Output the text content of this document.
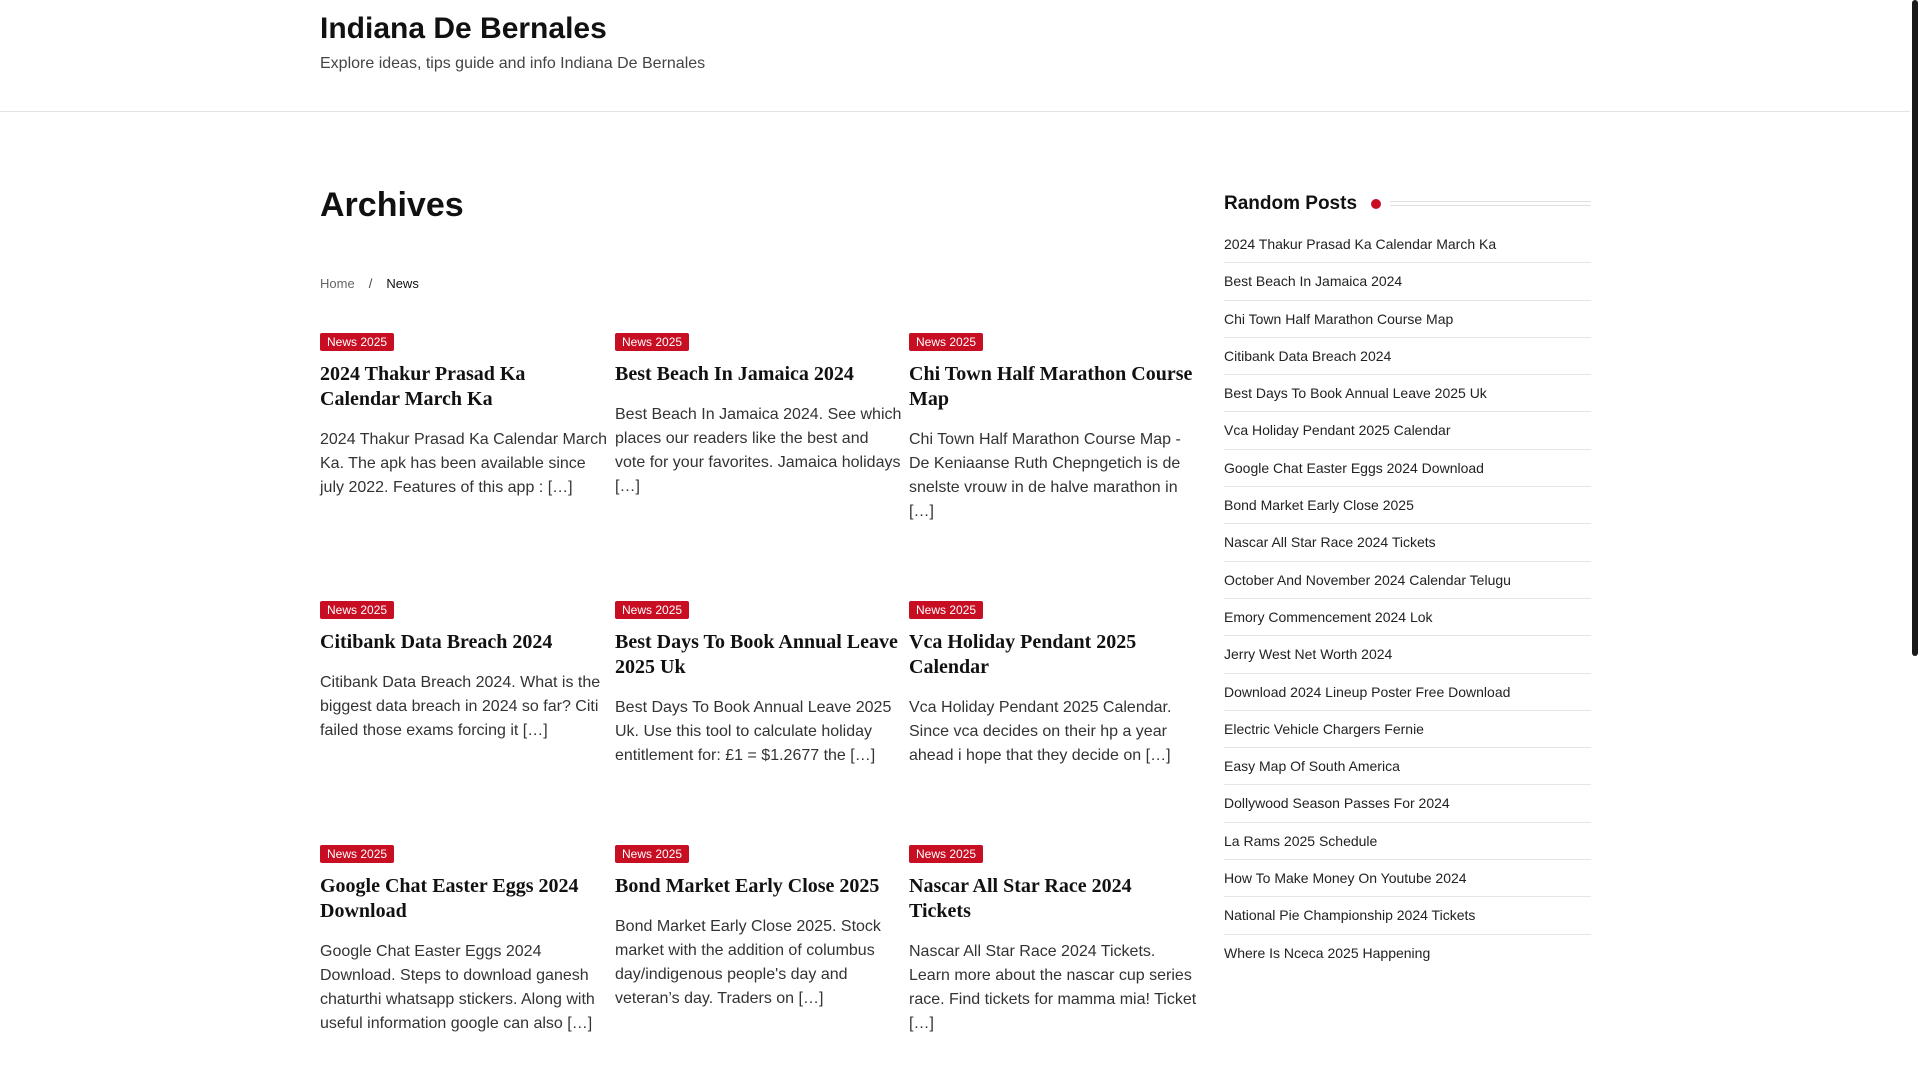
Indiana De Bernales

Explore ideas, tips guide and info Indiana De Bernales

Archives
Home / News
News 2025
2024 Thakur Prasad Ka Calendar March Ka

2024 Thakur Prasad Ka Calendar March Ka. The apk has been available since july 2022. Features of this app : […]

News 2025
Best Beach In Jamaica 2024

Best Beach In Jamaica 2024. See which places our readers like the best and vote for your favorites. Jamaica holidays […]

News 2025
Chi Town Half Marathon Course Map

Chi Town Half Marathon Course Map - De Keniaanse Ruth Chepngetich is de snelste vrouw in de halve marathon in […]

News 2025
Citibank Data Breach 2024

Citibank Data Breach 2024. What is the biggest data breach in 2024 so far? Citi failed those exams forcing it […]

News 2025
Best Days To Book Annual Leave 2025 Uk

Best Days To Book Annual Leave 2025 Uk. Use this tool to calculate holiday entitlement for: £1 = $1.2677 the […]

News 2025
Vca Holiday Pendant 2025 Calendar

Vca Holiday Pendant 2025 Calendar. Since vca decides on their hp a year ahead i hope that they decide on […]

News 2025
Google Chat Easter Eggs 2024 Download

Google Chat Easter Eggs 2024 Download. Steps to download ganesh chaturthi whatsapp stickers. Along with useful information google can also […]

News 2025
Bond Market Early Close 2025

Bond Market Early Close 2025. Stock market with the addition of columbus day/indigenous people's day and veteran’s day. Traders on […]

News 2025
Nascar All Star Race 2024 Tickets

Nascar All Star Race 2024 Tickets. Learn more about the nascar cup series race. Find tickets for mamma mia! Ticket […]

Random Posts
2024 Thakur Prasad Ka Calendar March Ka
Best Beach In Jamaica 2024
Chi Town Half Marathon Course Map
Citibank Data Breach 2024
Best Days To Book Annual Leave 2025 Uk
Vca Holiday Pendant 2025 Calendar
Google Chat Easter Eggs 2024 Download
Bond Market Early Close 2025
Nascar All Star Race 2024 Tickets
October And November 2024 Calendar Telugu
Emory Commencement 2024 Lok
Jerry West Net Worth 2024
Download 2024 Lineup Poster Free Download
Electric Vehicle Chargers Fernie
Easy Map Of South America
Dollywood Season Passes For 2024
La Rams 2025 Schedule
How To Make Money On Youtube 2024
National Pie Championship 2024 Tickets
Where Is Nceca 2025 Happening
